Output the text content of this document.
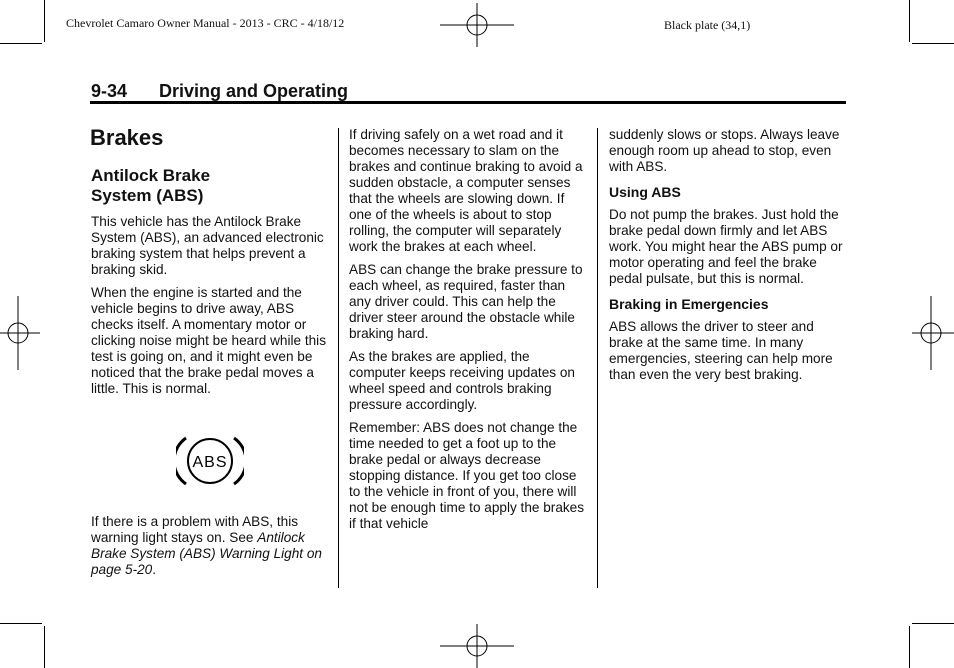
Chevrolet Camaro Owner Manual - 2013 - CRC - 4/18/12	Black plate (34,1)
9-34 Driving and Operating
Brakes
Antilock Brake
System (ABS)

This vehicle has the Antilock Brake System (ABS), an advanced electronic braking system that helps prevent a braking skid.

When the engine is started and the vehicle begins to drive away, ABS checks itself. A momentary motor or clicking noise might be heard while this test is going on, and it might even be noticed that the brake pedal moves a little. This is normal.

ABS

If there is a problem with ABS, this warning light stays on. See Antilock Brake System (ABS) Warning Light on page 5-20.

If driving safely on a wet road and it becomes necessary to slam on the brakes and continue braking to avoid a sudden obstacle, a computer senses that the wheels are slowing down. If one of the wheels is about to stop rolling, the computer will separately work the brakes at each wheel.

ABS can change the brake pressure to each wheel, as required, faster than any driver could. This can help the driver steer around the obstacle while braking hard.

As the brakes are applied, the computer keeps receiving updates on wheel speed and controls braking pressure accordingly.

Remember: ABS does not change the time needed to get a foot up to the brake pedal or always decrease stopping distance. If you get too close to the vehicle in front of you, there will not be enough time to apply the brakes if that vehicle

suddenly slows or stops. Always leave enough room up ahead to stop, even with ABS.

Using ABS

Do not pump the brakes. Just hold the brake pedal down firmly and let ABS work. You might hear the ABS pump or motor operating and feel the brake pedal pulsate, but this is normal.

Braking in Emergencies

ABS allows the driver to steer and brake at the same time. In many emergencies, steering can help more than even the very best braking.
